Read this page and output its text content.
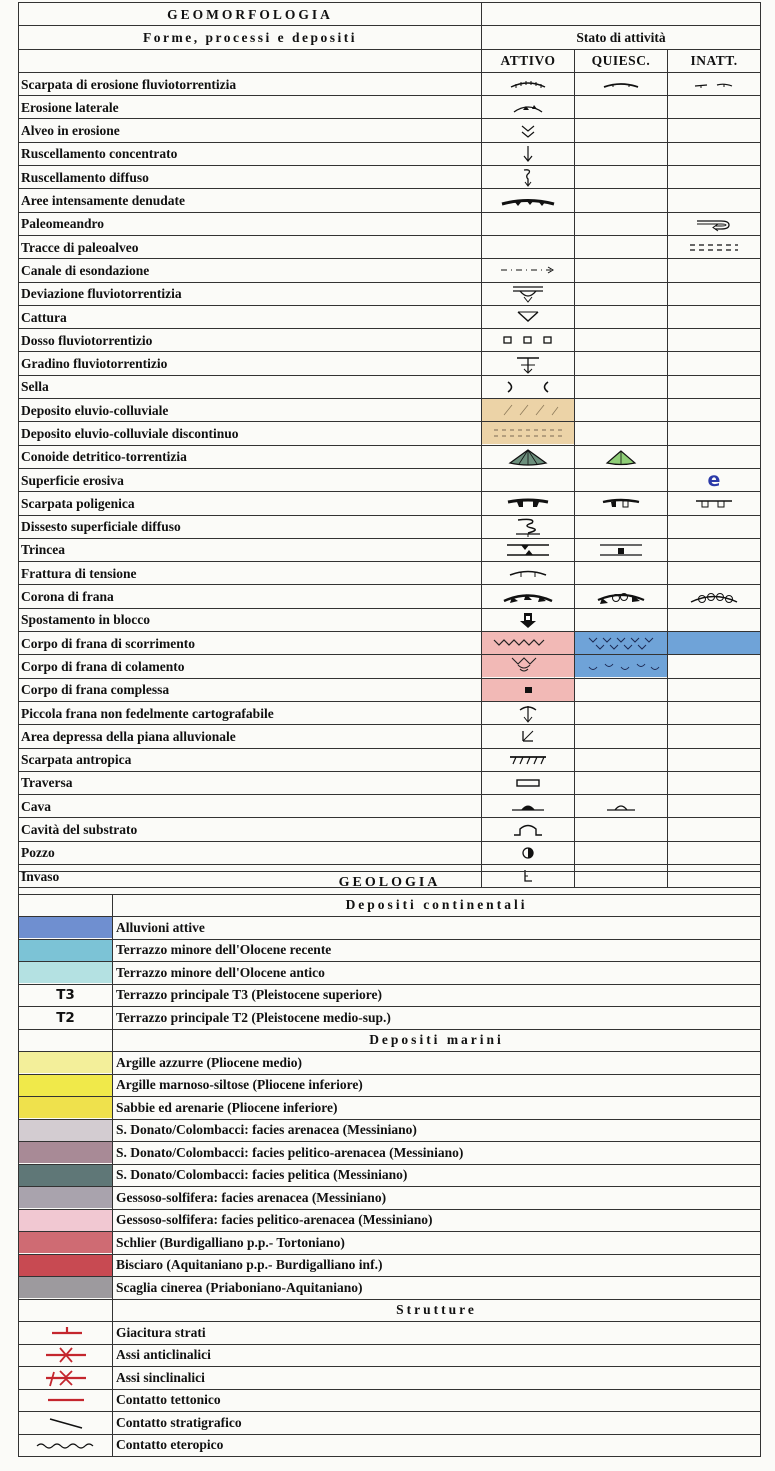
GEOMORFOLOGIA			
Forme, processi e depositi	Stato di attività		
	ATTIVO	QUIESC.	INATT.
Scarpata di erosione fluviotorrentizia	

Erosione laterale	

Alveo in erosione	

Ruscellamento concentrato	

Ruscellamento diffuso	

Aree intensamente denudate	

Paleomeandro			

Tracce di paleoalveo			

Canale di esondazione	

Deviazione fluviotorrentizia	

Cattura	

Dosso fluviotorrentizio	

Gradino fluviotorrentizio	

Sella	

Deposito eluvio-colluviale	

Deposito eluvio-colluviale discontinuo	

Conoide detritico-torrentizia	

Superficie erosiva			e

Scarpata poligenica	

Dissesto superficiale diffuso	

Trincea	

Frattura di tensione	

Corona di frana	

Spostamento in blocco	

Corpo di frana di scorrimento	

Corpo di frana di colamento	

Corpo di frana complessa	

Piccola frana non fedelmente cartografabile	

Area depressa della piana alluvionale	

Scarpata antropica	

Traversa	

Cava	

Cavità del substrato	

Pozzo	

Invaso	
			GEOLOGIA	
	Depositi continentali

	Alluvioni attive

	Terrazzo minore dell'Olocene recente

	Terrazzo minore dell'Olocene antico
T3	Terrazzo principale T3 (Pleistocene superiore)
T2	Terrazzo principale T2 (Pleistocene medio-sup.)
	Depositi marini

	Argille azzurre (Pliocene medio)

	Argille marnoso-siltose (Pliocene inferiore)

	Sabbie ed arenarie (Pliocene inferiore)

	S. Donato/Colombacci: facies arenacea (Messiniano)

	S. Donato/Colombacci: facies pelitico-arenacea (Messiniano)

	S. Donato/Colombacci: facies pelitica (Messiniano)

	Gessoso-solfifera: facies arenacea (Messiniano)

	Gessoso-solfifera: facies pelitico-arenacea (Messiniano)

	Schlier (Burdigalliano p.p.- Tortoniano)

	Bisciaro (Aquitaniano p.p.- Burdigalliano inf.)

	Scaglia cinerea (Priaboniano-Aquitaniano)
	Strutture

	Giacitura strati

	Assi anticlinalici

	Assi sinclinalici

	Contatto tettonico

	Contatto stratigrafico

	Contatto eteropico
